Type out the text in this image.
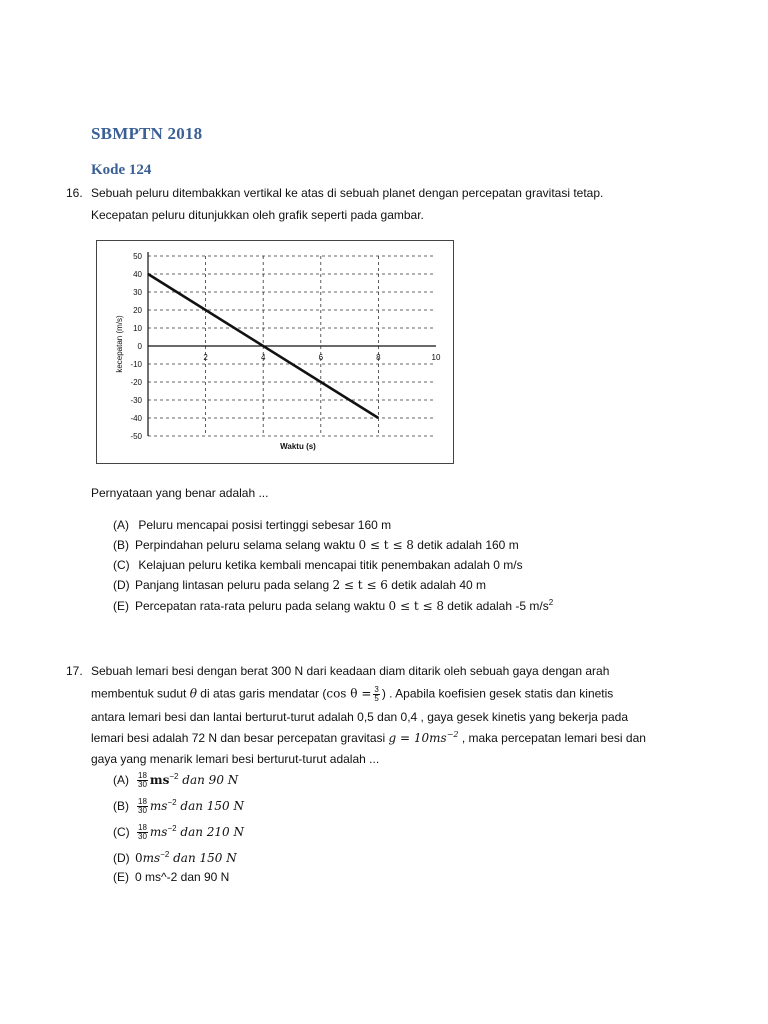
SBMPTN 2018
Kode 124
16. Sebuah peluru ditembakkan vertikal ke atas di sebuah planet dengan percepatan gravitasi tetap.
Kecepatan peluru ditunjukkan oleh grafik seperti pada gambar.
50
40
30
20
10
0
-10
-20
-30
-40
-50
2	4	6	8	10
kecepatan (m/s)
Waktu (s)
Pernyataan yang benar adalah ...
(A) Peluru mencapai posisi tertinggi sebesar 160 m
(B) Perpindahan peluru selama selang waktu 0 ≤ t ≤ 8 detik adalah 160 m
(C) Kelajuan peluru ketika kembali mencapai titik penembakan adalah 0 m/s
(D) Panjang lintasan peluru pada selang 2 ≤ t ≤ 6 detik adalah 40 m
(E) Percepatan rata-rata peluru pada selang waktu 0 ≤ t ≤ 8 detik adalah -5 $m/s^2$
17. Sebuah lemari besi dengan berat 300 N dari keadaan diam ditarik oleh sebuah gaya dengan arah
membentuk sudut θ di atas garis mendatar (cos $\theta = \frac{3}{5}$ ) . Apabila koefisien gesek statis dan kinetis
antara lemari besi dan lantai berturut-turut adalah 0,5 dan 0,4 , gaya gesek kinetis yang bekerja pada
lemari besi adalah 72 N dan besar percepatan gravitasi $g = 10ms^{-2}$ , maka percepatan lemari besi dan
gaya yang menarik lemari besi berturut-turut adalah ...
$(A) \frac{18}{30} ms^{-2}$ dan 90 N
$(B) \frac{18}{30} ms^{-2}$ dan 150 N
$(C) \frac{18}{30} ms^{-2}$ dan 210 N
(D) $0ms^{-2}$ dan 150 N
(E) 0 ms^-2 dan 90 N
